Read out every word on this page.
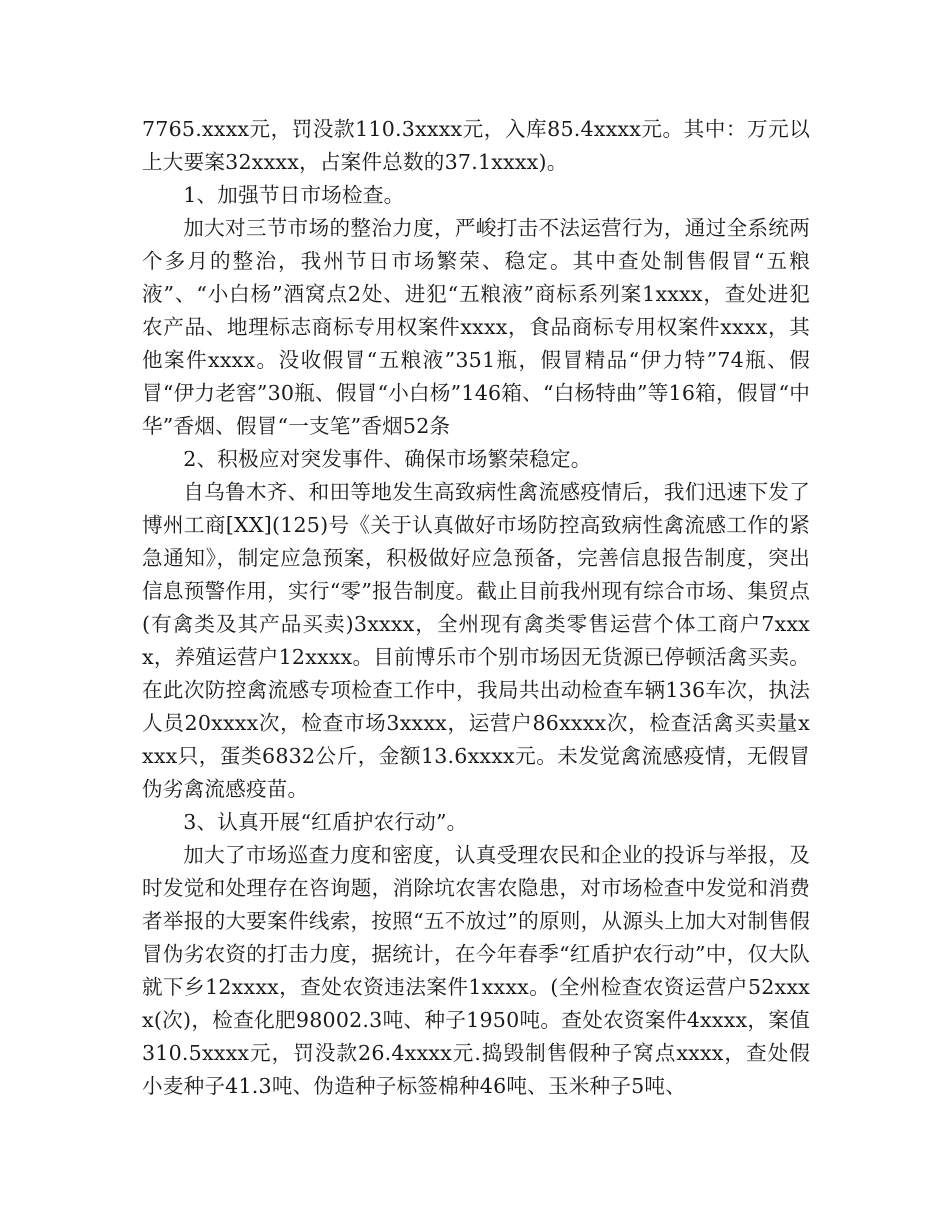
7765.xxxx元，罚没款110.3xxxx元，入库85.4xxxx元。其中：万元以上大要案32xxxx，占案件总数的37.1xxxx)。

1、加强节日市场检查。

加大对三节市场的整治力度，严峻打击不法运营行为，通过全系统两个多月的整治，我州节日市场繁荣、稳定。其中查处制售假冒“五粮液”、“小白杨”酒窝点2处、进犯“五粮液”商标系列案1xxxx，查处进犯农产品、地理标志商标专用权案件xxxx，食品商标专用权案件xxxx，其他案件xxxx。没收假冒“五粮液”351瓶，假冒精品“伊力特”74瓶、假冒“伊力老窖”30瓶、假冒“小白杨”146箱、“白杨特曲”等16箱，假冒“中华”香烟、假冒“一支笔”香烟52条

2、积极应对突发事件、确保市场繁荣稳定。

自乌鲁木齐、和田等地发生高致病性禽流感疫情后，我们迅速下发了博州工商[XX](125)号《关于认真做好市场防控高致病性禽流感工作的紧急通知》，制定应急预案，积极做好应急预备，完善信息报告制度，突出信息预警作用，实行“零”报告制度。截止目前我州现有综合市场、集贸点(有禽类及其产品买卖)3xxxx，全州现有禽类零售运营个体工商户7xxxx，养殖运营户12xxxx。目前博乐市个别市场因无货源已停顿活禽买卖。在此次防控禽流感专项检查工作中，我局共出动检查车辆136车次，执法人员20xxxx次，检查市场3xxxx，运营户86xxxx次，检查活禽买卖量xxxx只，蛋类6832公斤，金额13.6xxxx元。未发觉禽流感疫情，无假冒伪劣禽流感疫苗。

3、认真开展“红盾护农行动”。

加大了市场巡查力度和密度，认真受理农民和企业的投诉与举报，及时发觉和处理存在咨询题，消除坑农害农隐患，对市场检查中发觉和消费者举报的大要案件线索，按照“五不放过”的原则，从源头上加大对制售假冒伪劣农资的打击力度，据统计，在今年春季“红盾护农行动”中，仅大队就下乡12xxxx，查处农资违法案件1xxxx。(全州检查农资运营户52xxxx(次)，检查化肥98002.3吨、种子1950吨。查处农资案件4xxxx，案值310.5xxxx元，罚没款26.4xxxx元.捣毁制售假种子窝点xxxx，查处假小麦种子41.3吨、伪造种子标签棉种46吨、玉米种子5吨、
